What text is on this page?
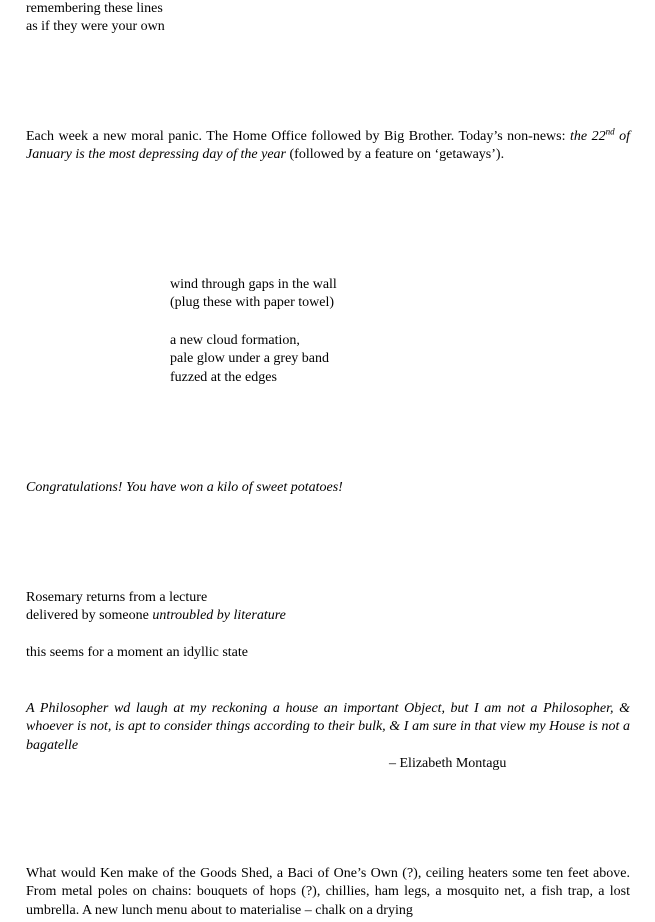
remembering these lines
as if they were your own

Each week a new moral panic. The Home Office followed by Big Brother. Today’s non-news: the 22nd of January is the most depressing day of the year (followed by a feature on ‘getaways’).

wind through gaps in the wall
(plug these with paper towel)
a new cloud formation,
pale glow under a grey band
fuzzed at the edges
Congratulations! You have won a kilo of sweet potatoes!
Rosemary returns from a lecture
delivered by someone untroubled by literature
this seems for a moment an idyllic state

A Philosopher wd laugh at my reckoning a house an important Object, but I am not a Philosopher, & whoever is not, is apt to consider things according to their bulk, & I am sure in that view my House is not a bagatelle

– Elizabeth Montagu

What would Ken make of the Goods Shed, a Baci of One’s Own (?), ceiling heaters some ten feet above. From metal poles on chains: bouquets of hops (?), chillies, ham legs, a mosquito net, a fish trap, a lost umbrella. A new lunch menu about to materialise – chalk on a drying
